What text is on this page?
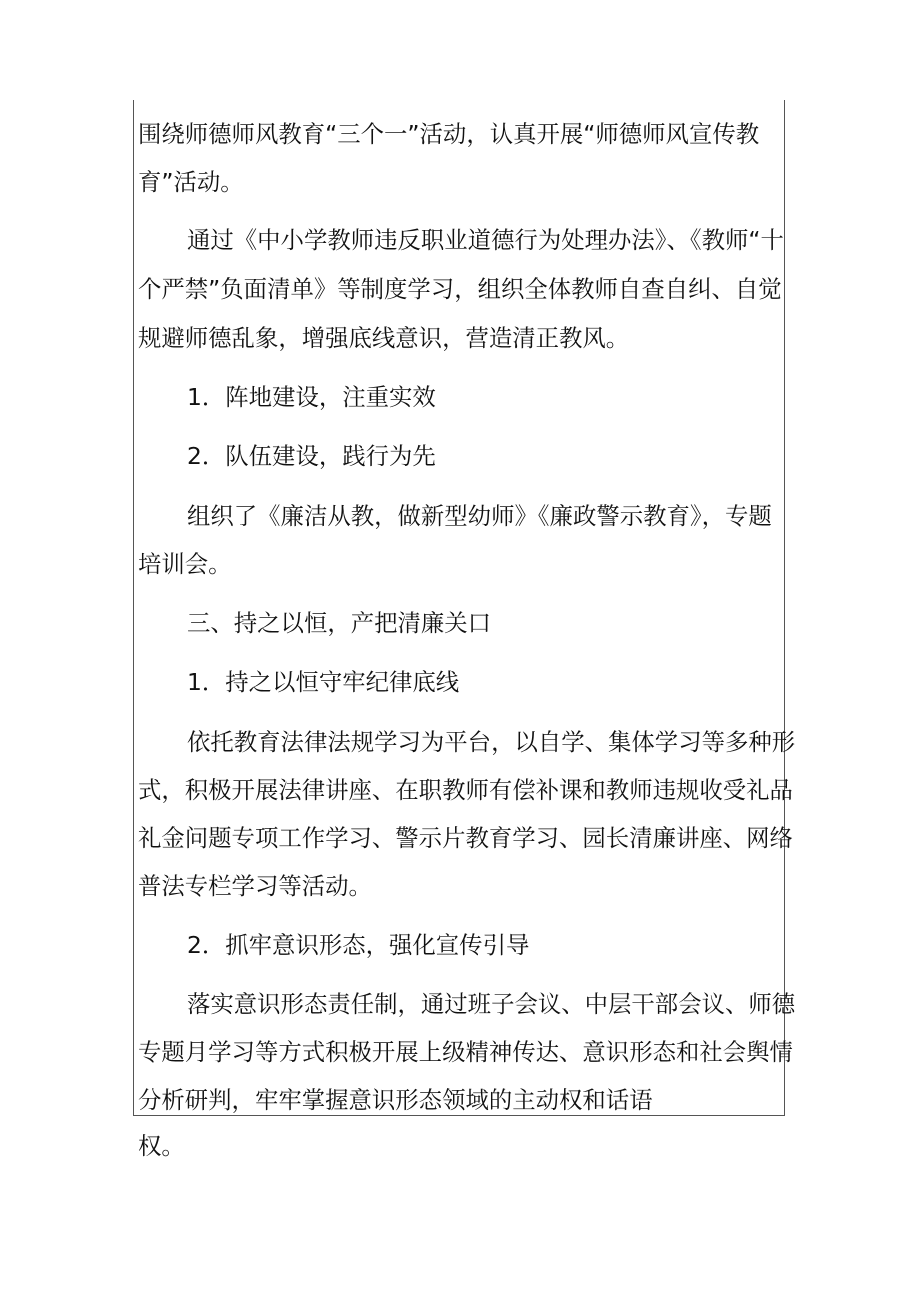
围绕师德师风教育“三个一”活动，认真开展“师德师风宣传教
育”活动。
通过《中小学教师违反职业道德行为处理办法》、《教师“十
个严禁”负面清单》等制度学习，组织全体教师自查自纠、自觉
规避师德乱象，增强底线意识，营造清正教风。
1．阵地建设，注重实效
2．队伍建设，践行为先
组织了《廉洁从教，做新型幼师》《廉政警示教育》，专题
培训会。
三、持之以恒，产把清廉关口
1．持之以恒守牢纪律底线
依托教育法律法规学习为平台，以自学、集体学习等多种形
式，积极开展法律讲座、在职教师有偿补课和教师违规收受礼品
礼金问题专项工作学习、警示片教育学习、园长清廉讲座、网络
普法专栏学习等活动。
2．抓牢意识形态，强化宣传引导
落实意识形态责任制，通过班子会议、中层干部会议、师德
专题月学习等方式积极开展上级精神传达、意识形态和社会舆情
分析研判，牢牢掌握意识形态领域的主动权和话语
权。
